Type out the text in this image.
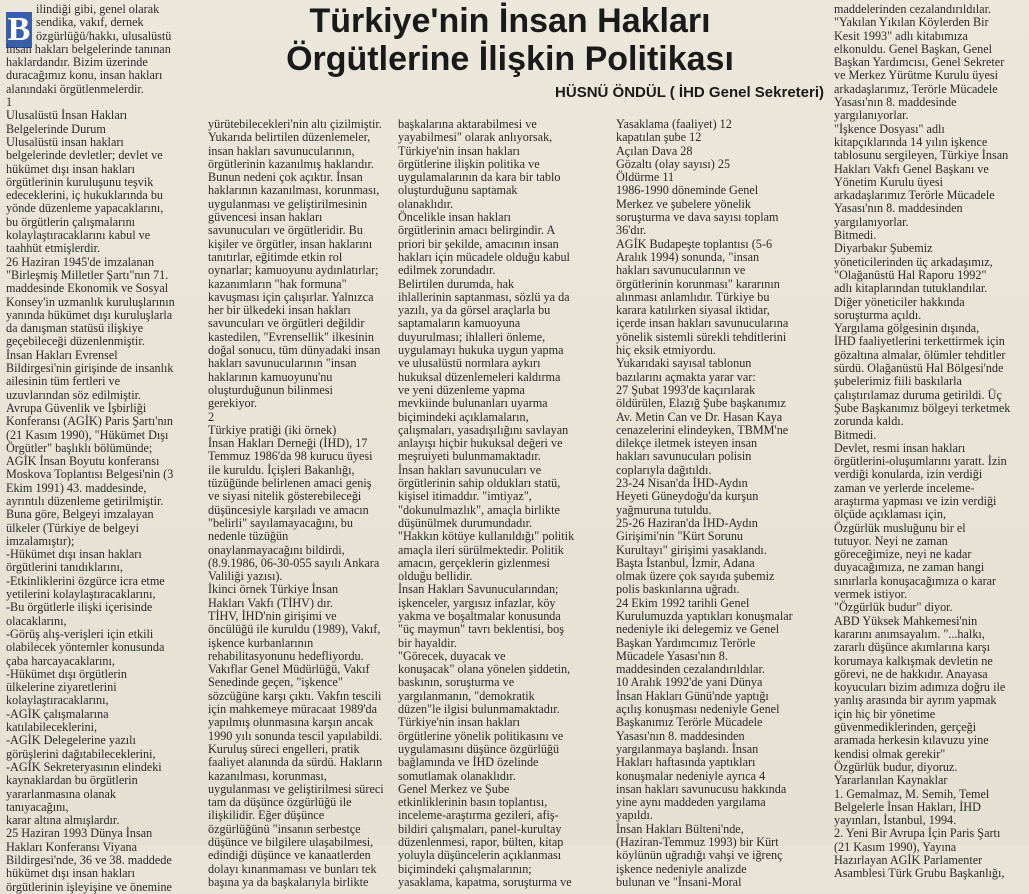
Türkiye'nin İnsan Hakları
Örgütlerine İlişkin Politikası
HÜSNÜ ÖNDÜL ( İHD Genel Sekreteri)
B

ilindiği gibi, genel olarak

sendika, vakıf, dernek

özgürlüğü/hakkı, ulusalüstü

insan hakları belgelerinde tanınan

haklardandır. Bizim üzerinde

duracağımız konu, insan hakları

alanındaki örgütlenmelerdir.

1

Ulusalüstü İnsan Hakları

Belgelerinde Durum

Ulusalüstü insan hakları

belgelerinde devletler; devlet ve

hükümet dışı insan hakları

örgütlerinin kuruluşunu teşvik

edeceklerini, iç hukuklarında bu

yönde düzenleme yapacaklarını,

bu örgütlerin çalışmalarını

kolaylaştıracaklarını kabul ve

taahhüt etmişlerdir.

26 Haziran 1945'de imzalanan

"Birleşmiş Milletler Şartı"nın 71.

maddesinde Ekonomik ve Sosyal

Konsey'in uzmanlık kuruluşlarının

yanında hükümet dışı kuruluşlarla

da danışman statüsü ilişkiye

geçebileceği düzenlenmiştir.

İnsan Hakları Evrensel

Bildirgesi'nin girişinde de insanlık

ailesinin tüm fertleri ve

uzuvlarından söz edilmiştir.

Avrupa Güvenlik ve İşbirliği

Konferansı (AGİK) Paris Şartı'nın

(21 Kasım 1990), "Hükümet Dışı

Örgütler" başlıklı bölümünde;

AGİK İnsan Boyutu konferansı

Moskova Toplantısı Belgesi'nin (3

Ekim 1991) 43. maddesinde,

ayrıntılı düzenleme getirilmiştir.

Buna göre, Belgeyi imzalayan

ülkeler (Türkiye de belgeyi

imzalamıştır);

-Hükümet dışı insan hakları

örgütlerini tanıdıklarını,

-Etkinliklerini özgürce icra etme

yetilerini kolaylaştıracaklarını,

-Bu örgütlerle ilişki içerisinde

olacaklarını,

-Görüş alış-verişleri için etkili

olabilecek yöntemler konusunda

çaba harcayacaklarını,

-Hükümet dışı örgütlerin

ülkelerine ziyaretlerini

kolaylaştıracaklarını,

-AGİK çalışmalarına

katılabileceklerini,

-AGİK Delegelerine yazılı

görüşlerini dağıtabileceklerini,

-AGİK Sekreteryasının elindeki

kaynaklardan bu örgütlerin

yararlanmasına olanak

tanıyacağını,

karar altına almışlardır.

25 Haziran 1993 Dünya İnsan

Hakları Konferansı Viyana

Bildirgesi'nde, 36 ve 38. maddede

hükümet dışı insan hakları

örgütlerinin işleyişine ve önemine

yürütebilecekleri'nin altı çizilmiştir.

Yukarıda belirtilen düzenlemeler,

insan hakları savunucularının,

örgütlerinin kazanılmış haklarıdır.

Bunun nedeni çok açıktır. İnsan

haklarının kazanılması, korunması,

uygulanması ve geliştirilmesinin

güvencesi insan hakları

savunucuları ve örgütleridir. Bu

kişiler ve örgütler, insan haklarını

tanıtırlar, eğitimde etkin rol

oynarlar; kamuoyunu aydınlatırlar;

kazanımların "hak formuna"

kavuşması için çalışırlar. Yalnızca

her bir ülkedeki insan hakları

savuncuları ve örgütleri değildir

kastedilen, "Evrensellik" ilkesinin

doğal sonucu, tüm dünyadaki insan

hakları savunucularının "insan

haklarının kamuoyunu'nu

oluşturduğunun bilinmesi

gerekiyor.

2

Türkiye pratiği (iki örnek)

İnsan Hakları Derneği (İHD), 17

Temmuz 1986'da 98 kurucu üyesi

ile kuruldu. İçişleri Bakanlığı,

tüzüğünde belirlenen amaci geniş

ve siyasi nitelik gösterebileceği

düşüncesiyle karşıladı ve amacın

"belirli" sayılamayacağını, bu

nedenle tüzüğün

onaylanmayacağını bildirdi,

(8.9.1986, 06-30-055 sayılı Ankara

Valiliği yazısı).

İkinci örnek Türkiye İnsan

Hakları Vakfı (TİHV) dır.

TİHV, İHD'nin girişimi ve

öncülüğü ile kuruldu (1989), Vakıf,

işkence kurbanlarının

rehabilitasyonunu hedefliyordu.

Vakıflar Genel Müdürlüğü, Vakıf

Senedinde geçen, "işkence"

sözcüğüne karşı çıktı. Vakfın tescili

için mahkemeye müracaat 1989'da

yapılmış olunmasına karşın ancak

1990 yılı sonunda tescil yapılabildi.

Kuruluş süreci engelleri, pratik

faaliyet alanında da sürdü. Hakların

kazanılması, korunması,

uygulanması ve geliştirilmesi süreci

tam da düşünce özgürlüğü ile

ilişkilidir. Eğer düşünce

özgürlüğünü "insanın serbestçe

düşünce ve bilgilere ulaşabilmesi,

edindiği düşünce ve kanaatlerden

dolayı kınanmaması ve bunları tek

başına ya da başkalarıyla birlikte

başkalarına aktarabilmesi ve

yayabilmesi" olarak anlıyorsak,

Türkiye'nin insan hakları

örgütlerine ilişkin politika ve

uygulamalarının da kara bir tablo

oluşturduğunu saptamak

olanaklıdır.

Öncelikle insan hakları

örgütlerinin amacı belirgindir. A

priori bir şekilde, amacının insan

hakları için mücadele olduğu kabul

edilmek zorundadır.

Belirtilen durumda, hak

ihlallerinin saptanması, sözlü ya da

yazılı, ya da görsel araçlarla bu

saptamaların kamuoyuna

duyurulması; ihlalleri önleme,

uygulamayı hukuka uygun yapma

ve ulusalüstü normlara aykırı

hukuksal düzenlemeleri kaldırma

ve yeni düzenleme yapma

mevkiinde bulunanları uyarma

biçimindeki açıklamaların,

çalışmaları, yasadışılığını savlayan

anlayışı hiçbir hukuksal değeri ve

meşruiyeti bulunmamaktadır.

İnsan hakları savunucuları ve

örgütlerinin sahip oldukları statü,

kişisel itimaddır. "imtiyaz",

"dokunulmazlık", amaçla birlikte

düşünülmek durumundadır.

"Hakkın kötüye kullanıldığı" politik

amaçla ileri sürülmektedir. Politik

amacın, gerçeklerin gizlenmesi

olduğu bellidir.

İnsan Hakları Savunucularından;

işkenceler, yargısız infazlar, köy

yakma ve boşaltmalar konusunda

"üç maymun" tavrı beklentisi, boş

bir hayaldir.

"Görecek, duyacak ve

konuşacak" olana yönelen şiddetin,

baskının, soruşturma ve

yargılanmanın, "demokratik

düzen"le ilgisi bulunmamaktadır.

Türkiye'nin insan hakları

örgütlerine yönelik politikasını ve

uygulamasını düşünce özgürlüğü

bağlamında ve İHD özelinde

somutlamak olanaklıdır.

Genel Merkez ve Şube

etkinliklerinin basın toplantısı,

inceleme-araştırma gezileri, afiş-

bildiri çalışmaları, panel-kurultay

düzenlenmesi, rapor, bülten, kitap

yoluyla düşüncelerin açıklanması

biçimindeki çalışmalarının;

yasaklama, kapatma, soruşturma ve

Yasaklama (faaliyet) 12

kapatılan şube 12

Açılan Dava 28

Gözaltı (olay sayısı) 25

Öldürme 11

1986-1990 döneminde Genel

Merkez ve şubelere yönelik

soruşturma ve dava sayısı toplam

36'dır.

AGİK Budapeşte toplantısı (5-6

Aralık 1994) sonunda, "insan

hakları savunucularının ve

örgütlerinin korunması" kararının

alınması anlamlıdır. Türkiye bu

karara katılırken siyasal iktidar,

içerde insan hakları savunucularına

yönelik sistemli sürekli tehditlerini

hiç eksik etmiyordu.

Yukarıdaki sayısal tablonun

bazılarını açmakta yarar var:

27 Şubat 1993'de kaçırılarak

öldürülen, Elazığ Şube başkanımız

Av. Metin Can ve Dr. Hasan Kaya

cenazelerini elindeyken, TBMM'ne

dilekçe iletmek isteyen insan

hakları savunucuları polisin

coplarıyla dağıtıldı.

23-24 Nisan'da İHD-Aydın

Heyeti Güneydoğu'da kurşun

yağmuruna tutuldu.

25-26 Haziran'da İHD-Aydın

Girişimi'nin "Kürt Sorunu

Kurultayı" girişimi yasaklandı.

Başta İstanbul, İzmir, Adana

olmak üzere çok sayıda şubemiz

polis baskınlarına uğradı.

24 Ekim 1992 tarihli Genel

Kurulumuzda yaptıkları konuşmalar

nedeniyle iki delegemiz ve Genel

Başkan Yardımcımız Terörle

Mücadele Yasası'nın 8.

maddesinden cezalandırıldılar.

10 Aralık 1992'de yani Dünya

İnsan Hakları Günü'nde yaptığı

açılış konuşması nedeniyle Genel

Başkanımız Terörle Mücadele

Yasası'nın 8. maddesinden

yargılanmaya başlandı. İnsan

Hakları haftasında yaptıkları

konuşmalar nedeniyle ayrıca 4

insan hakları savunucusu hakkında

yine aynı maddeden yargılama

yapıldı.

İnsan Hakları Bülteni'nde,

(Haziran-Temmuz 1993) bir Kürt

köylünün uğradığı vahşi ve iğrenç

işkence nedeniyle analizde

bulunan ve "İnsani-Moral

maddelerinden cezalandırıldılar.

"Yakılan Yıkılan Köylerden Bir

Kesit 1993" adlı kitabımıza

elkonuldu. Genel Başkan, Genel

Başkan Yardımcısı, Genel Sekreter

ve Merkez Yürütme Kurulu üyesi

arkadaşlarımız, Terörle Mücadele

Yasası'nın 8. maddesinde

yargılanıyorlar.

"İşkence Dosyası" adlı

kitapçıklarında 14 yılın işkence

tablosunu sergileyen, Türkiye İnsan

Hakları Vakfı Genel Başkanı ve

Yönetim Kurulu üyesi

arkadaşlarımız Terörle Mücadele

Yasası'nın 8. maddesinden

yargılanıyorlar.

Bitmedi.

Diyarbakır Şubemiz

yöneticilerinden üç arkadaşımız,

"Olağanüstü Hal Raporu 1992"

adlı kitaplarından tutuklandılar.

Diğer yöneticiler hakkında

soruşturma açıldı.

Yargılama gölgesinin dışında,

İHD faaliyetlerini terkettirmek için

gözaltına almalar, ölümler tehditler

sürdü. Olağanüstü Hal Bölgesi'nde

şubelerimiz fiili baskılarla

çalıştırılamaz duruma getirildi. Üç

Şube Başkanımız bölgeyi terketmek

zorunda kaldı.

Bitmedi.

Devlet, resmi insan hakları

örgütlerini-oluşumlarını yaratt. İzin

verdiği konularda, izin verdiği

zaman ve yerlerde inceleme-

araştırma yapması ve izin verdiği

ölçüde açıklaması için,

Özgürlük musluğunu bir el

tutuyor. Neyi ne zaman

göreceğimize, neyi ne kadar

duyacağımıza, ne zaman hangi

sınırlarla konuşacağımıza o karar

vermek istiyor.

"Özgürlük budur" diyor.

ABD Yüksek Mahkemesi'nin

kararını anımsayalım. "...halkı,

zararlı düşünce akımlarına karşı

korumaya kalkışmak devletin ne

görevi, ne de hakkıdır. Anayasa

koyucuları bizim adımıza doğru ile

yanlış arasında bir ayrım yapmak

için hiç bir yönetime

güvenmediklerinden, gerçeği

aramada herkesin kılavuzu yine

kendisi olmak gerekir"

Özgürlük budur, diyoruz.

Yararlanılan Kaynaklar

1. Gemalmaz, M. Semih, Temel

Belgelerle İnsan Hakları, İHD

yayınları, İstanbul, 1994.

2. Yeni Bir Avrupa İçin Paris Şartı

(21 Kasım 1990), Yayına

Hazırlayan AGİK Parlamenter

Asamblesi Türk Grubu Başkanlığı,
